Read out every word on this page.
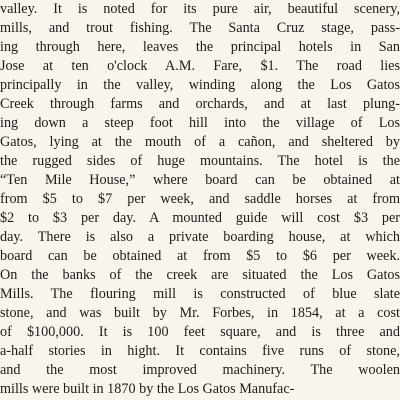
valley. It is noted for its pure air, beautiful scenery,

mills, and trout fishing. The Santa Cruz stage, pass-

ing through here, leaves the principal hotels in San

Jose at ten o'clock A.M. Fare, $1. The road lies

principally in the valley, winding along the Los Gatos

Creek through farms and orchards, and at last plung-

ing down a steep foot hill into the village of Los

Gatos, lying at the mouth of a cañon, and sheltered by

the rugged sides of huge mountains. The hotel is the

“Ten Mile House,” where board can be obtained at

from $5 to $7 per week, and saddle horses at from

$2 to $3 per day. A mounted guide will cost $3 per

day. There is also a private boarding house, at which

board can be obtained at from $5 to $6 per week.

On the banks of the creek are situated the Los Gatos

Mills. The flouring mill is constructed of blue slate

stone, and was built by Mr. Forbes, in 1854, at a cost

of $100,000. It is 100 feet square, and is three and

a-half stories in hight. It contains five runs of stone,

and the most improved machinery. The woolen

mills were built in 1870 by the Los Gatos Manufac-
